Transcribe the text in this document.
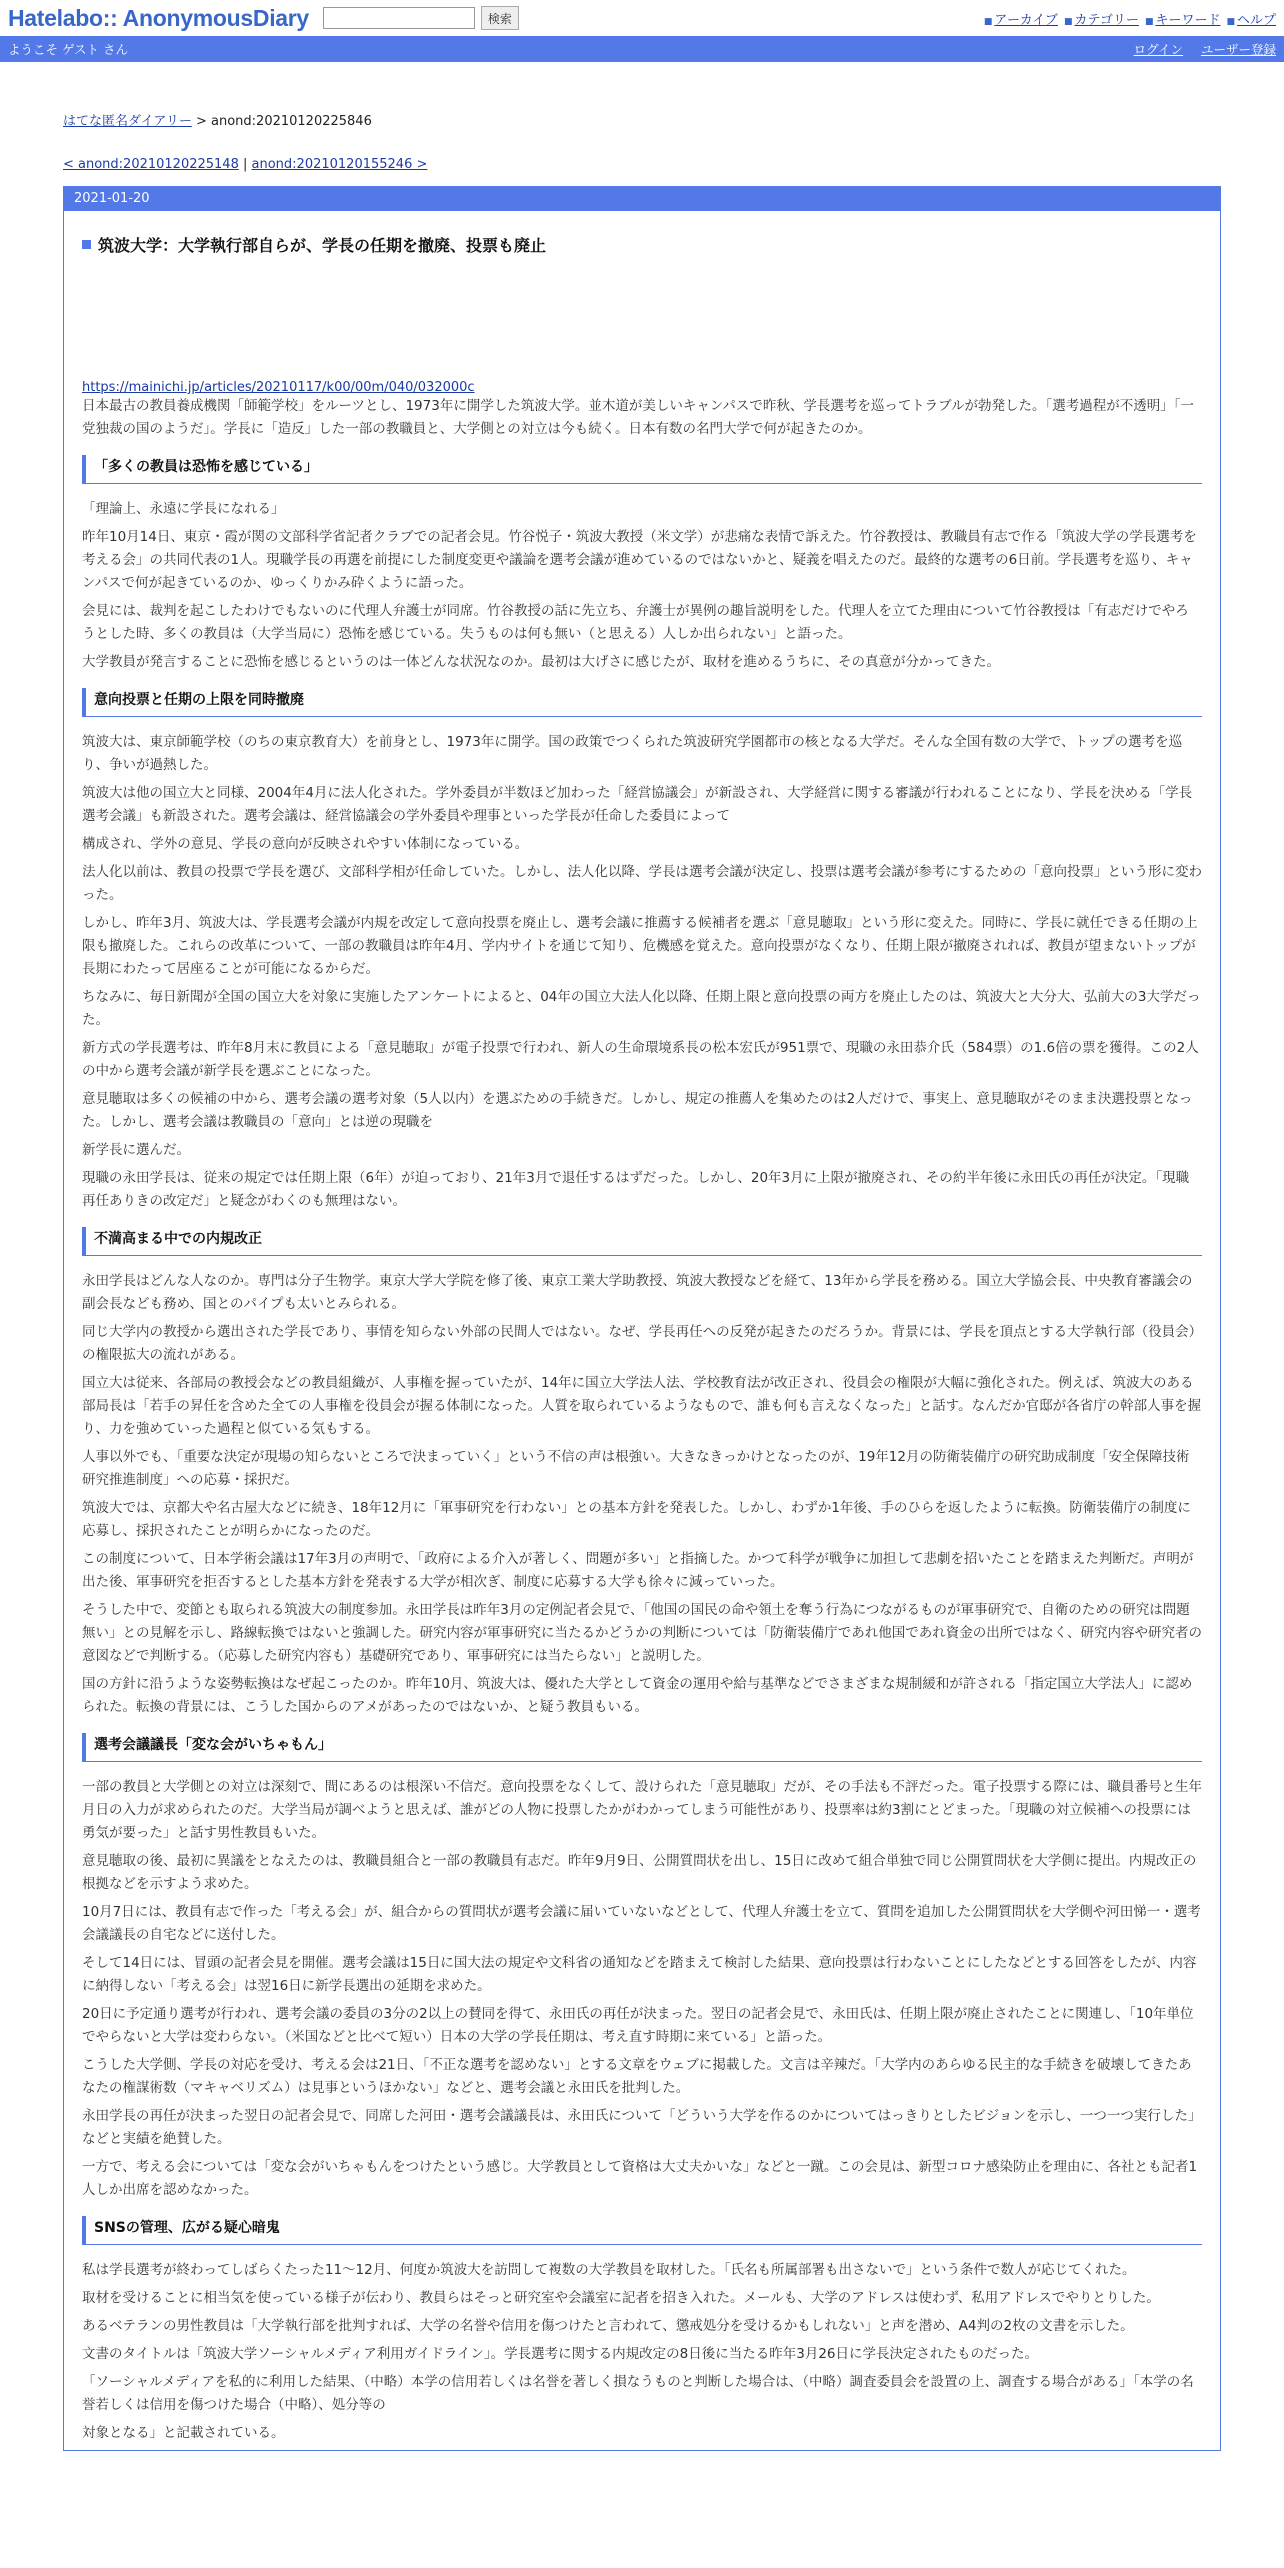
Hatelabo:: AnonymousDiary	検索	■ アーカイブ ■ カテゴリー ■ キーワード ■ ヘルプ
ようこそ ゲスト さん	ログイン ユーザー登録
はてな匿名ダイアリー > anond:20210120225846
< anond:20210120225148 | anond:20210120155246 >
2021-01-20
筑波大学：大学執行部自らが、学長の任期を撤廃、投票も廃止
https://mainichi.jp/articles/20210117/k00/00m/040/032000c

日本最古の教員養成機関「師範学校」をルーツとし、1973年に開学した筑波大学。並木道が美しいキャンパスで昨秋、学長選考を巡ってトラブルが勃発した。「選考過程が不透明」「一党独裁の国のようだ」。学長に「造反」した一部の教職員と、大学側との対立は今も続く。日本有数の名門大学で何が起きたのか。

「多くの教員は恐怖を感じている」

「理論上、永遠に学長になれる」

昨年10月14日、東京・霞が関の文部科学省記者クラブでの記者会見。竹谷悦子・筑波大教授（米文学）が悲痛な表情で訴えた。竹谷教授は、教職員有志で作る「筑波大学の学長選考を考える会」の共同代表の1人。現職学長の再選を前提にした制度変更や議論を選考会議が進めているのではないかと、疑義を唱えたのだ。最終的な選考の6日前。学長選考を巡り、キャンパスで何が起きているのか、ゆっくりかみ砕くように語った。

会見には、裁判を起こしたわけでもないのに代理人弁護士が同席。竹谷教授の話に先立ち、弁護士が異例の趣旨説明をした。代理人を立てた理由について竹谷教授は「有志だけでやろうとした時、多くの教員は（大学当局に）恐怖を感じている。失うものは何も無い（と思える）人しか出られない」と語った。

大学教員が発言することに恐怖を感じるというのは一体どんな状況なのか。最初は大げさに感じたが、取材を進めるうちに、その真意が分かってきた。

意向投票と任期の上限を同時撤廃

筑波大は、東京師範学校（のちの東京教育大）を前身とし、1973年に開学。国の政策でつくられた筑波研究学園都市の核となる大学だ。そんな全国有数の大学で、トップの選考を巡り、争いが過熱した。

筑波大は他の国立大と同様、2004年4月に法人化された。学外委員が半数ほど加わった「経営協議会」が新設され、大学経営に関する審議が行われることになり、学長を決める「学長選考会議」も新設された。選考会議は、経営協議会の学外委員や理事といった学長が任命した委員によって

構成され、学外の意見、学長の意向が反映されやすい体制になっている。

法人化以前は、教員の投票で学長を選び、文部科学相が任命していた。しかし、法人化以降、学長は選考会議が決定し、投票は選考会議が参考にするための「意向投票」という形に変わった。

しかし、昨年3月、筑波大は、学長選考会議が内規を改定して意向投票を廃止し、選考会議に推薦する候補者を選ぶ「意見聴取」という形に変えた。同時に、学長に就任できる任期の上限も撤廃した。これらの改革について、一部の教職員は昨年4月、学内サイトを通じて知り、危機感を覚えた。意向投票がなくなり、任期上限が撤廃されれば、教員が望まないトップが長期にわたって居座ることが可能になるからだ。

ちなみに、毎日新聞が全国の国立大を対象に実施したアンケートによると、04年の国立大法人化以降、任期上限と意向投票の両方を廃止したのは、筑波大と大分大、弘前大の3大学だった。

新方式の学長選考は、昨年8月末に教員による「意見聴取」が電子投票で行われ、新人の生命環境系長の松本宏氏が951票で、現職の永田恭介氏（584票）の1.6倍の票を獲得。この2人の中から選考会議が新学長を選ぶことになった。

意見聴取は多くの候補の中から、選考会議の選考対象（5人以内）を選ぶための手続きだ。しかし、規定の推薦人を集めたのは2人だけで、事実上、意見聴取がそのまま決選投票となった。しかし、選考会議は教職員の「意向」とは逆の現職を

新学長に選んだ。

現職の永田学長は、従来の規定では任期上限（6年）が迫っており、21年3月で退任するはずだった。しかし、20年3月に上限が撤廃され、その約半年後に永田氏の再任が決定。「現職再任ありきの改定だ」と疑念がわくのも無理はない。

不満高まる中での内規改正

永田学長はどんな人なのか。専門は分子生物学。東京大学大学院を修了後、東京工業大学助教授、筑波大教授などを経て、13年から学長を務める。国立大学協会長、中央教育審議会の副会長なども務め、国とのパイプも太いとみられる。

同じ大学内の教授から選出された学長であり、事情を知らない外部の民間人ではない。なぜ、学長再任への反発が起きたのだろうか。背景には、学長を頂点とする大学執行部（役員会）の権限拡大の流れがある。

国立大は従来、各部局の教授会などの教員組織が、人事権を握っていたが、14年に国立大学法人法、学校教育法が改正され、役員会の権限が大幅に強化された。例えば、筑波大のある部局長は「若手の昇任を含めた全ての人事権を役員会が握る体制になった。人質を取られているようなもので、誰も何も言えなくなった」と話す。なんだか官邸が各省庁の幹部人事を握り、力を強めていった過程と似ている気もする。

人事以外でも、「重要な決定が現場の知らないところで決まっていく」という不信の声は根強い。大きなきっかけとなったのが、19年12月の防衛装備庁の研究助成制度「安全保障技術研究推進制度」への応募・採択だ。

筑波大では、京都大や名古屋大などに続き、18年12月に「軍事研究を行わない」との基本方針を発表した。しかし、わずか1年後、手のひらを返したように転換。防衛装備庁の制度に応募し、採択されたことが明らかになったのだ。

この制度について、日本学術会議は17年3月の声明で、「政府による介入が著しく、問題が多い」と指摘した。かつて科学が戦争に加担して悲劇を招いたことを踏まえた判断だ。声明が出た後、軍事研究を拒否するとした基本方針を発表する大学が相次ぎ、制度に応募する大学も徐々に減っていった。

そうした中で、変節とも取られる筑波大の制度参加。永田学長は昨年3月の定例記者会見で、「他国の国民の命や領土を奪う行為につながるものが軍事研究で、自衛のための研究は問題無い」との見解を示し、路線転換ではないと強調した。研究内容が軍事研究に当たるかどうかの判断については「防衛装備庁であれ他国であれ資金の出所ではなく、研究内容や研究者の意図などで判断する。（応募した研究内容も）基礎研究であり、軍事研究には当たらない」と説明した。

国の方針に沿うような姿勢転換はなぜ起こったのか。昨年10月、筑波大は、優れた大学として資金の運用や給与基準などでさまざまな規制緩和が許される「指定国立大学法人」に認められた。転換の背景には、こうした国からのアメがあったのではないか、と疑う教員もいる。

選考会議議長「変な会がいちゃもん」

一部の教員と大学側との対立は深刻で、間にあるのは根深い不信だ。意向投票をなくして、設けられた「意見聴取」だが、その手法も不評だった。電子投票する際には、職員番号と生年月日の入力が求められたのだ。大学当局が調べようと思えば、誰がどの人物に投票したかがわかってしまう可能性があり、投票率は約3割にとどまった。「現職の対立候補への投票には勇気が要った」と話す男性教員もいた。

意見聴取の後、最初に異議をとなえたのは、教職員組合と一部の教職員有志だ。昨年9月9日、公開質問状を出し、15日に改めて組合単独で同じ公開質問状を大学側に提出。内規改正の根拠などを示すよう求めた。

10月7日には、教員有志で作った「考える会」が、組合からの質問状が選考会議に届いていないなどとして、代理人弁護士を立て、質問を追加した公開質問状を大学側や河田悌一・選考会議議長の自宅などに送付した。

そして14日には、冒頭の記者会見を開催。選考会議は15日に国大法の規定や文科省の通知などを踏まえて検討した結果、意向投票は行わないことにしたなどとする回答をしたが、内容に納得しない「考える会」は翌16日に新学長選出の延期を求めた。

20日に予定通り選考が行われ、選考会議の委員の3分の2以上の賛同を得て、永田氏の再任が決まった。翌日の記者会見で、永田氏は、任期上限が廃止されたことに関連し、「10年単位でやらないと大学は変わらない。（米国などと比べて短い）日本の大学の学長任期は、考え直す時期に来ている」と語った。

こうした大学側、学長の対応を受け、考える会は21日、「不正な選考を認めない」とする文章をウェブに掲載した。文言は辛辣だ。「大学内のあらゆる民主的な手続きを破壊してきたあなたの権謀術数（マキャベリズム）は見事というほかない」などと、選考会議と永田氏を批判した。

永田学長の再任が決まった翌日の記者会見で、同席した河田・選考会議議長は、永田氏について「どういう大学を作るのかについてはっきりとしたビジョンを示し、一つ一つ実行した」などと実績を絶賛した。

一方で、考える会については「変な会がいちゃもんをつけたという感じ。大学教員として資格は大丈夫かいな」などと一蹴。この会見は、新型コロナ感染防止を理由に、各社とも記者1人しか出席を認めなかった。

SNSの管理、広がる疑心暗鬼

私は学長選考が終わってしばらくたった11～12月、何度か筑波大を訪問して複数の大学教員を取材した。「氏名も所属部署も出さないで」という条件で数人が応じてくれた。

取材を受けることに相当気を使っている様子が伝わり、教員らはそっと研究室や会議室に記者を招き入れた。メールも、大学のアドレスは使わず、私用アドレスでやりとりした。

あるベテランの男性教員は「大学執行部を批判すれば、大学の名誉や信用を傷つけたと言われて、懲戒処分を受けるかもしれない」と声を潜め、A4判の2枚の文書を示した。

文書のタイトルは「筑波大学ソーシャルメディア利用ガイドライン」。学長選考に関する内規改定の8日後に当たる昨年3月26日に学長決定されたものだった。

「ソーシャルメディアを私的に利用した結果、（中略）本学の信用若しくは名誉を著しく損なうものと判断した場合は、（中略）調査委員会を設置の上、調査する場合がある」「本学の名誉若しくは信用を傷つけた場合（中略）、処分等の

対象となる」と記載されている。
